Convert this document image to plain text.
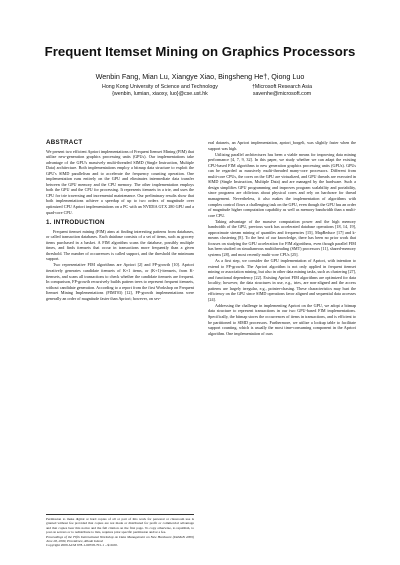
Frequent Itemset Mining on Graphics Processors
Wenbin Fang, Mian Lu, Xiangye Xiao, Bingsheng He†, Qiong Luo
Hong Kong University of Science and Technology
{wenbin, lumian, xiaoxy, luo}@cse.ust.hk
†Microsoft Research Asia
savenhe@microsoft.com
ABSTRACT

We present two efficient Apriori implementations of Frequent Itemset Mining (FIM) that utilize new-generation graphics processing units (GPUs). Our implementations take advantage of the GPU's massively multi-threaded SIMD (Single Instruction, Multiple Data) architecture. Both implementations employ a bitmap data structure to exploit the GPU's SIMD parallelism and to accelerate the frequency counting operation. One implementation runs entirely on the GPU and eliminates intermediate data transfer between the GPU memory and the CPU memory. The other implementation employs both the GPU and the CPU for processing. It represents itemsets in a trie, and uses the CPU for trie traversing and incremental maintenance. Our preliminary results show that both implementations achieve a speedup of up to two orders of magnitude over optimized CPU Apriori implementations on a PC with an NVIDIA GTX 280 GPU and a quad-core CPU.

1. INTRODUCTION

Frequent itemset mining (FIM) aims at finding interesting patterns from databases, or called transaction databases. Each database consists of a set of items, such as grocery items purchased in a basket. A FIM algorithm scans the database, possibly multiple times, and finds itemsets that occur in transactions more frequently than a given threshold. The number of occurrences is called support, and the threshold the minimum support.

Two representative FIM algorithms are Apriori [2] and FP-growth [10]. Apriori iteratively generates candidate itemsets of K+1 items, or (K+1)-itemsets, from K-itemsets, and scans all transactions to check whether the candidate itemsets are frequent. In comparison, FP-growth recursively builds pattern trees to represent frequent itemsets, without candidate generation. According to a report from the first Workshop on Frequent Itemset Mining Implementations (FIMI'03) [12], FP-growth implementations were generally an order of magnitude faster than Apriori; however, on sev-

eral datasets, an Apriori implementation, apriori_borgelt, was slightly faster when the support was high.

Utilizing parallel architectures has been a viable means for improving data mining performance [4, 7, 9, 32]. In this paper, we study whether we can adapt the existing CPU-based FIM algorithms to new generation graphics processing units (GPUs). GPUs can be regarded as massively multi-threaded many-core processors. Different from multi-core CPUs, the cores on the GPU are virtualized, and GPU threads are executed in SIMD (Single Instruction, Multiple Data) and are managed by the hardware. Such a design simplifies GPU programming and improves program scalability and portability, since programs are oblivious about physical cores and rely on hardware for thread management. Nevertheless, it also makes the implementation of algorithms with complex control flows a challenging task on the GPU, even though the GPU has an order of magnitude higher computation capability as well as memory bandwidth than a multi-core CPU.

Taking advantage of the massive computation power and the high memory bandwidth of the GPU, previous work has accelerated database operations [18, 14, 19], approximate stream mining of quantiles and frequencies [15], MapReduce [17] and k-means clustering [8]. To the best of our knowledge, there has been no prior work that focuses on studying the GPU acceleration for FIM algorithms, even though parallel FIM has been studied on simultaneous multithreading (SMT) processors [11], shared-memory systems [28], and most recently multi-core CPUs [25].

As a first step, we consider the GPU implementation of Apriori, with intention to extend to FP-growth. The Apriori algorithm is not only applied in frequent itemset mining or association mining, but also in other data mining tasks, such as clustering [27], and functional dependency [22]. Existing Apriori FIM algorithms are optimized for data locality; however, the data structures in use, e.g., tries, are non-aligned and the access patterns are largely irregular, e.g., pointer-chasing. These characteristics may hurt the efficiency on the GPU since SIMD operations favor aligned and sequential data accesses [24].

Addressing the challenge in implementing Apriori on the GPU, we adopt a bitmap data structure to represent transactions in our two GPU-based FIM implementations. Specifically, the bitmap stores the occurrences of items in transactions, and is efficient to be partitioned to SIMD processors. Furthermore, we utilize a lookup table to facilitate support counting, which is usually the most time-consuming component in the Apriori algorithm. One implementation of ours

Permission to make digital or hard copies of all or part of this work for personal or classroom use is granted without fee provided that copies are not made or distributed for profit or commercial advantage and that copies bear this notice and the full citation on the first page. To copy otherwise, to republish, to post on servers or to redistribute to lists, requires prior specific permission and/or a fee.
Proceedings of the Fifth International Workshop on Data Management on New Hardware (DaMoN 2009) June 28, 2009, Providence, Rhode Island
Copyright 2009 ACM 978-1-60558-701-1 ...$10.00.
